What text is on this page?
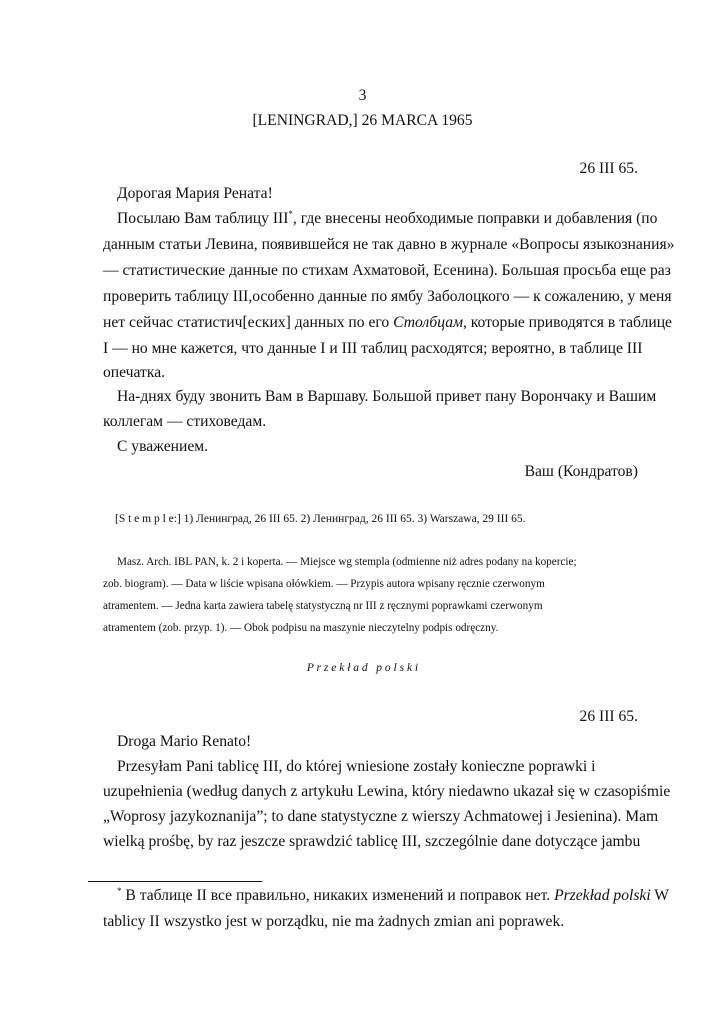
3
[LENINGRAD,] 26 MARCA 1965
26 III 65.
Дорогая Мария Рената!
Посылаю Вам таблицу III*, где внесены необходимые поправки и добавления (по
данным статьи Левина, появившейся не так давно в журнале «Вопросы языкознания»
— статистические данные по стихам Ахматовой, Есенина). Большая просьба еще раз
проверить таблицу III,особенно данные по ямбу Заболоцкого — к сожалению, у меня
нет сейчас статистич[еских] данных по его Столбцам, которые приводятся в таблице
I — но мне кажется, что данные I и III таблиц расходятся; вероятно, в таблице III
опечатка.
На-днях буду звонить Вам в Варшаву. Большой привет пану Ворончаку и Вашим
коллегам — стиховедам.
С уважением.
Ваш (Кондратов)
[S t e m p l e:] 1) Ленинград, 26 III 65. 2) Ленинград, 26 III 65. 3) Warszawa, 29 III 65.
Masz. Arch. IBL PAN, k. 2 i koperta. — Miejsce wg stempla (odmienne niż adres podany na kopercie;
zob. biogram). — Data w liście wpisana ołówkiem. — Przypis autora wpisany ręcznie czerwonym
atramentem. — Jedna karta zawiera tabelę statystyczną nr III z ręcznymi poprawkami czerwonym
atramentem (zob. przyp. 1). — Obok podpisu na maszynie nieczytelny podpis odręczny.
P r z e k ł a d   p o l s k i
26 III 65.
Droga Mario Renato!
Przesyłam Pani tablicę III, do której wniesione zostały konieczne poprawki i
uzupełnienia (według danych z artykułu Lewina, który niedawno ukazał się w czasopiśmie
„Woprosy jazykoznanija”; to dane statystyczne z wierszy Achmatowej i Jesienina). Mam
wielką prośbę, by raz jeszcze sprawdzić tablicę III, szczególnie dane dotyczące jambu
* В таблице II все правильно, никаких изменений и поправок нет. Przekład polski W
tablicy II wszystko jest w porządku, nie ma żadnych zmian ani poprawek.
